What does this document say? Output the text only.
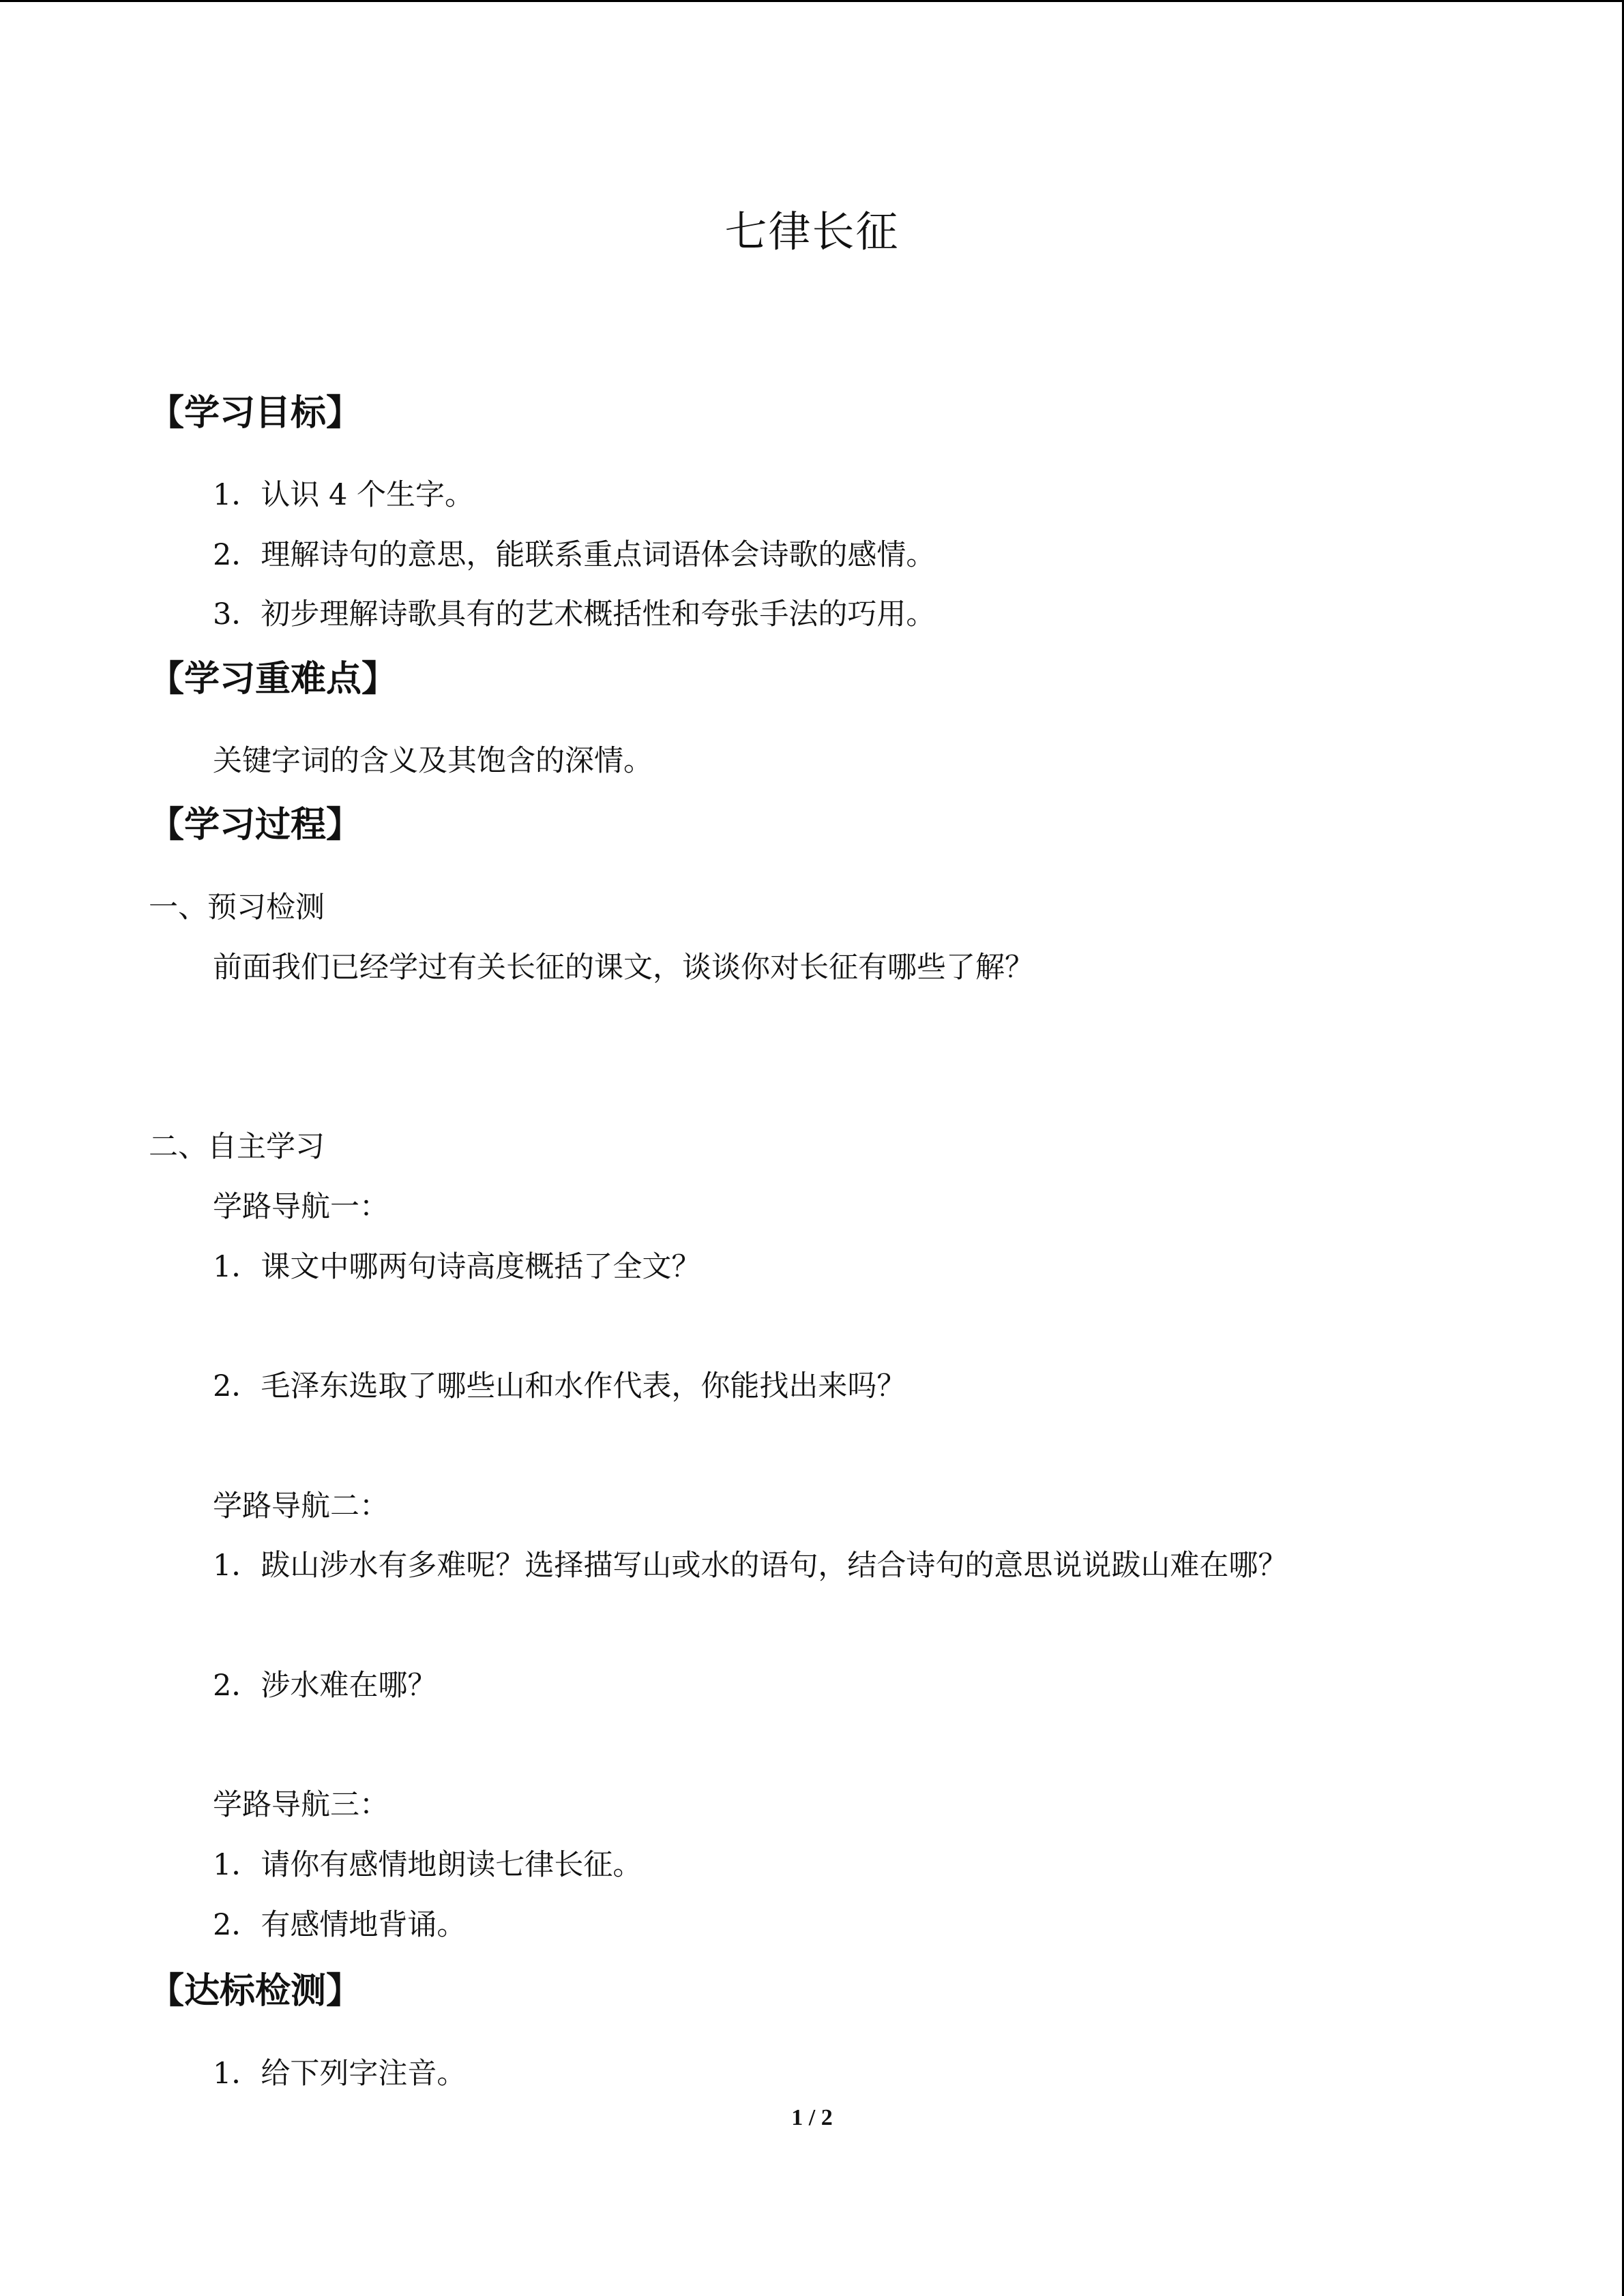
七律长征
【学习目标】
1．认识 4 个生字。
2．理解诗句的意思，能联系重点词语体会诗歌的感情。
3．初步理解诗歌具有的艺术概括性和夸张手法的巧用。
【学习重难点】
关键字词的含义及其饱含的深情。
【学习过程】
一、预习检测
前面我们已经学过有关长征的课文，谈谈你对长征有哪些了解？
二、自主学习
学路导航一：
1．课文中哪两句诗高度概括了全文？
2．毛泽东选取了哪些山和水作代表，你能找出来吗？
学路导航二：
1．跋山涉水有多难呢？选择描写山或水的语句，结合诗句的意思说说跋山难在哪？
2．涉水难在哪？
学路导航三：
1．请你有感情地朗读七律长征。
2．有感情地背诵。
【达标检测】
1．给下列字注音。
1 / 2
